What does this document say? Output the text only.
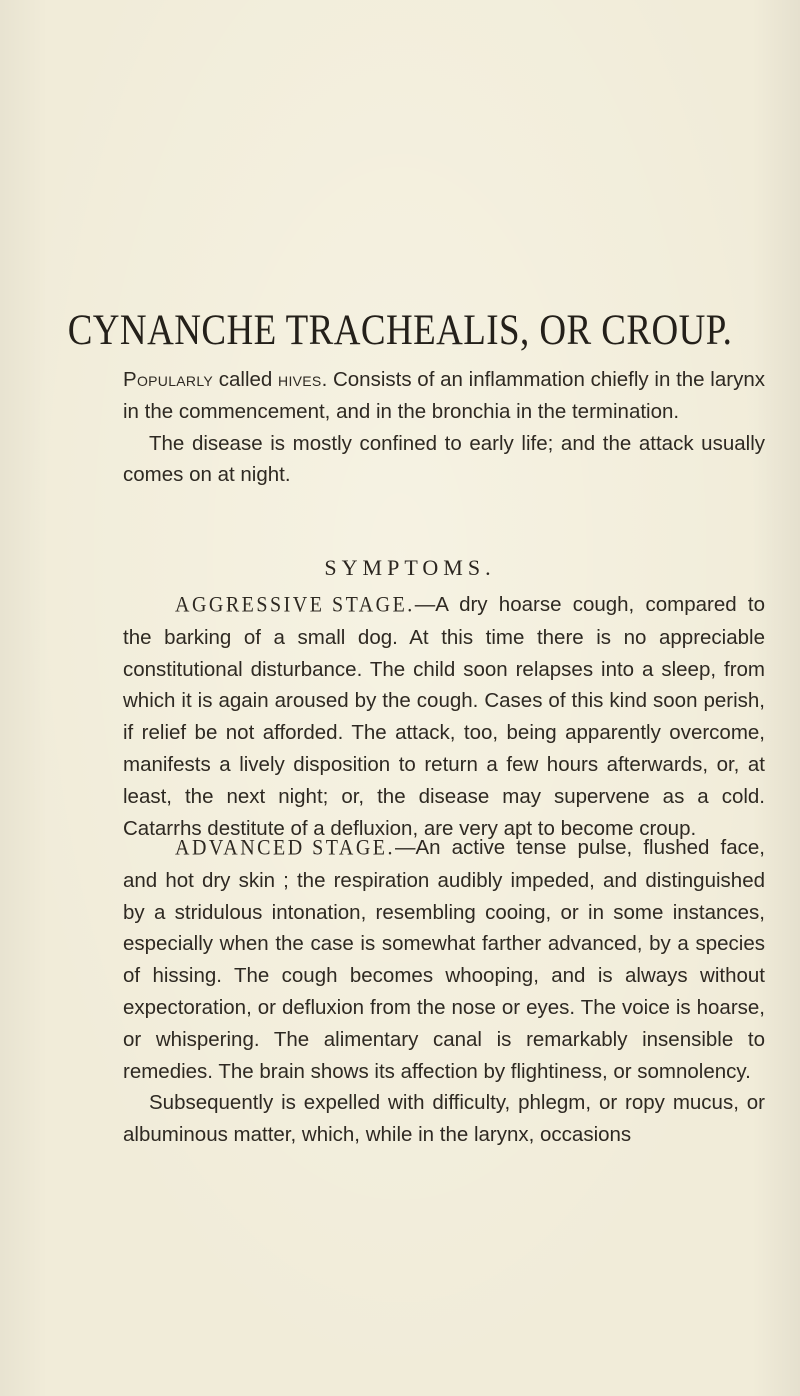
CYNANCHE TRACHEALIS, OR CROUP.

Popularly called hives. Consists of an inflammation chiefly in the larynx in the commencement, and in the bronchia in the termination.

The disease is mostly confined to early life; and the attack usually comes on at night.

SYMPTOMS.

AGGRESSIVE STAGE.—A dry hoarse cough, compared to the barking of a small dog. At this time there is no appreciable constitutional disturbance. The child soon relapses into a sleep, from which it is again aroused by the cough. Cases of this kind soon perish, if relief be not afforded. The attack, too, being apparently overcome, manifests a lively disposition to return a few hours afterwards, or, at least, the next night; or, the disease may supervene as a cold. Catarrhs destitute of a defluxion, are very apt to become croup.

ADVANCED STAGE.—An active tense pulse, flushed face, and hot dry skin ; the respiration audibly impeded, and distinguished by a stridulous intonation, resembling cooing, or in some instances, especially when the case is somewhat farther advanced, by a species of hissing. The cough becomes whooping, and is always without expectoration, or defluxion from the nose or eyes. The voice is hoarse, or whispering. The alimentary canal is remarkably insensible to remedies. The brain shows its affection by flightiness, or somnolency.

Subsequently is expelled with difficulty, phlegm, or ropy mucus, or albuminous matter, which, while in the larynx, occasions
